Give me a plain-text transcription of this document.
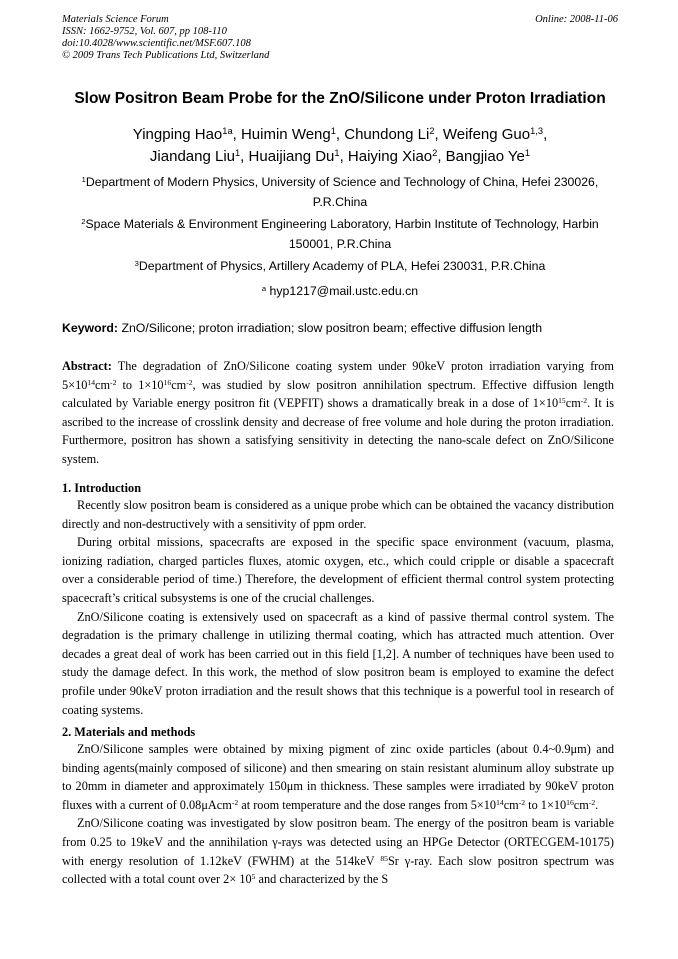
Materials Science Forum
ISSN: 1662-9752, Vol. 607, pp 108-110
doi:10.4028/www.scientific.net/MSF.607.108
© 2009 Trans Tech Publications Ltd, Switzerland
Online: 2008-11-06
Slow Positron Beam Probe for the ZnO/Silicone under Proton Irradiation
Yingping Hao$^{1a}$, Huimin Weng$^1$, Chundong Li$^2$, Weifeng Guo$^{1,3}$,
Jiandang Liu$^1$, Huaijiang Du$^1$, Haiying Xiao$^2$, Bangjiao Ye$^1$
$^1$Department of Modern Physics, University of Science and Technology of China, Hefei 230026, P.R.China
$^2$Space Materials & Environment Engineering Laboratory, Harbin Institute of Technology, Harbin 150001, P.R.China
$^3$Department of Physics, Artillery Academy of PLA, Hefei 230031, P.R.China
$^a$ hyp1217@mail.ustc.edu.cn
Keyword: ZnO/Silicone; proton irradiation; slow positron beam; effective diffusion length

Abstract: The degradation of ZnO/Silicone coating system under 90keV proton irradiation varying from $5\times 10^{14}cm^{-2}$ to $1\times 10^{16}cm^{-2}$, was studied by slow positron annihilation spectrum. Effective diffusion length calculated by Variable energy positron fit (VEPFIT) shows a dramatically break in a dose of $1\times 10^{15}cm^{-2}$. It is ascribed to the increase of crosslink density and decrease of free volume and hole during the proton irradiation. Furthermore, positron has shown a satisfying sensitivity in detecting the nano-scale defect on ZnO/Silicone system.

1. Introduction

Recently slow positron beam is considered as a unique probe which can be obtained the vacancy distribution directly and non-destructively with a sensitivity of ppm order.

During orbital missions, spacecrafts are exposed in the specific space environment (vacuum, plasma, ionizing radiation, charged particles fluxes, atomic oxygen, etc., which could cripple or disable a spacecraft over a considerable period of time.) Therefore, the development of efficient thermal control system protecting spacecraft’s critical subsystems is one of the crucial challenges.

ZnO/Silicone coating is extensively used on spacecraft as a kind of passive thermal control system. The degradation is the primary challenge in utilizing thermal coating, which has attracted much attention. Over decades a great deal of work has been carried out in this field [1,2]. A number of techniques have been used to study the damage defect. In this work, the method of slow positron beam is employed to examine the defect profile under 90keV proton irradiation and the result shows that this technique is a powerful tool in research of coating systems.

2. Materials and methods

ZnO/Silicone samples were obtained by mixing pigment of zinc oxide particles (about 0.4~0.9μm) and binding agents(mainly composed of silicone) and then smearing on stain resistant aluminum alloy substrate up to 20mm in diameter and approximately 150μm in thickness. These samples were irradiated by 90keV proton fluxes with a current of 0.08μAcm$^{-2}$ at room temperature and the dose ranges from $5\times 10^{14}cm^{-2}$ to $1\times 10^{16}cm^{-2}$.

ZnO/Silicone coating was investigated by slow positron beam. The energy of the positron beam is variable from 0.25 to 19keV and the annihilation γ-rays was detected using an HPGe Detector (ORTECGEM-10175) with energy resolution of 1.12keV (FWHM) at the 514keV $^{85}$Sr γ-ray. Each slow positron spectrum was collected with a total count over $2\times 10^5$ and characterized by the S
